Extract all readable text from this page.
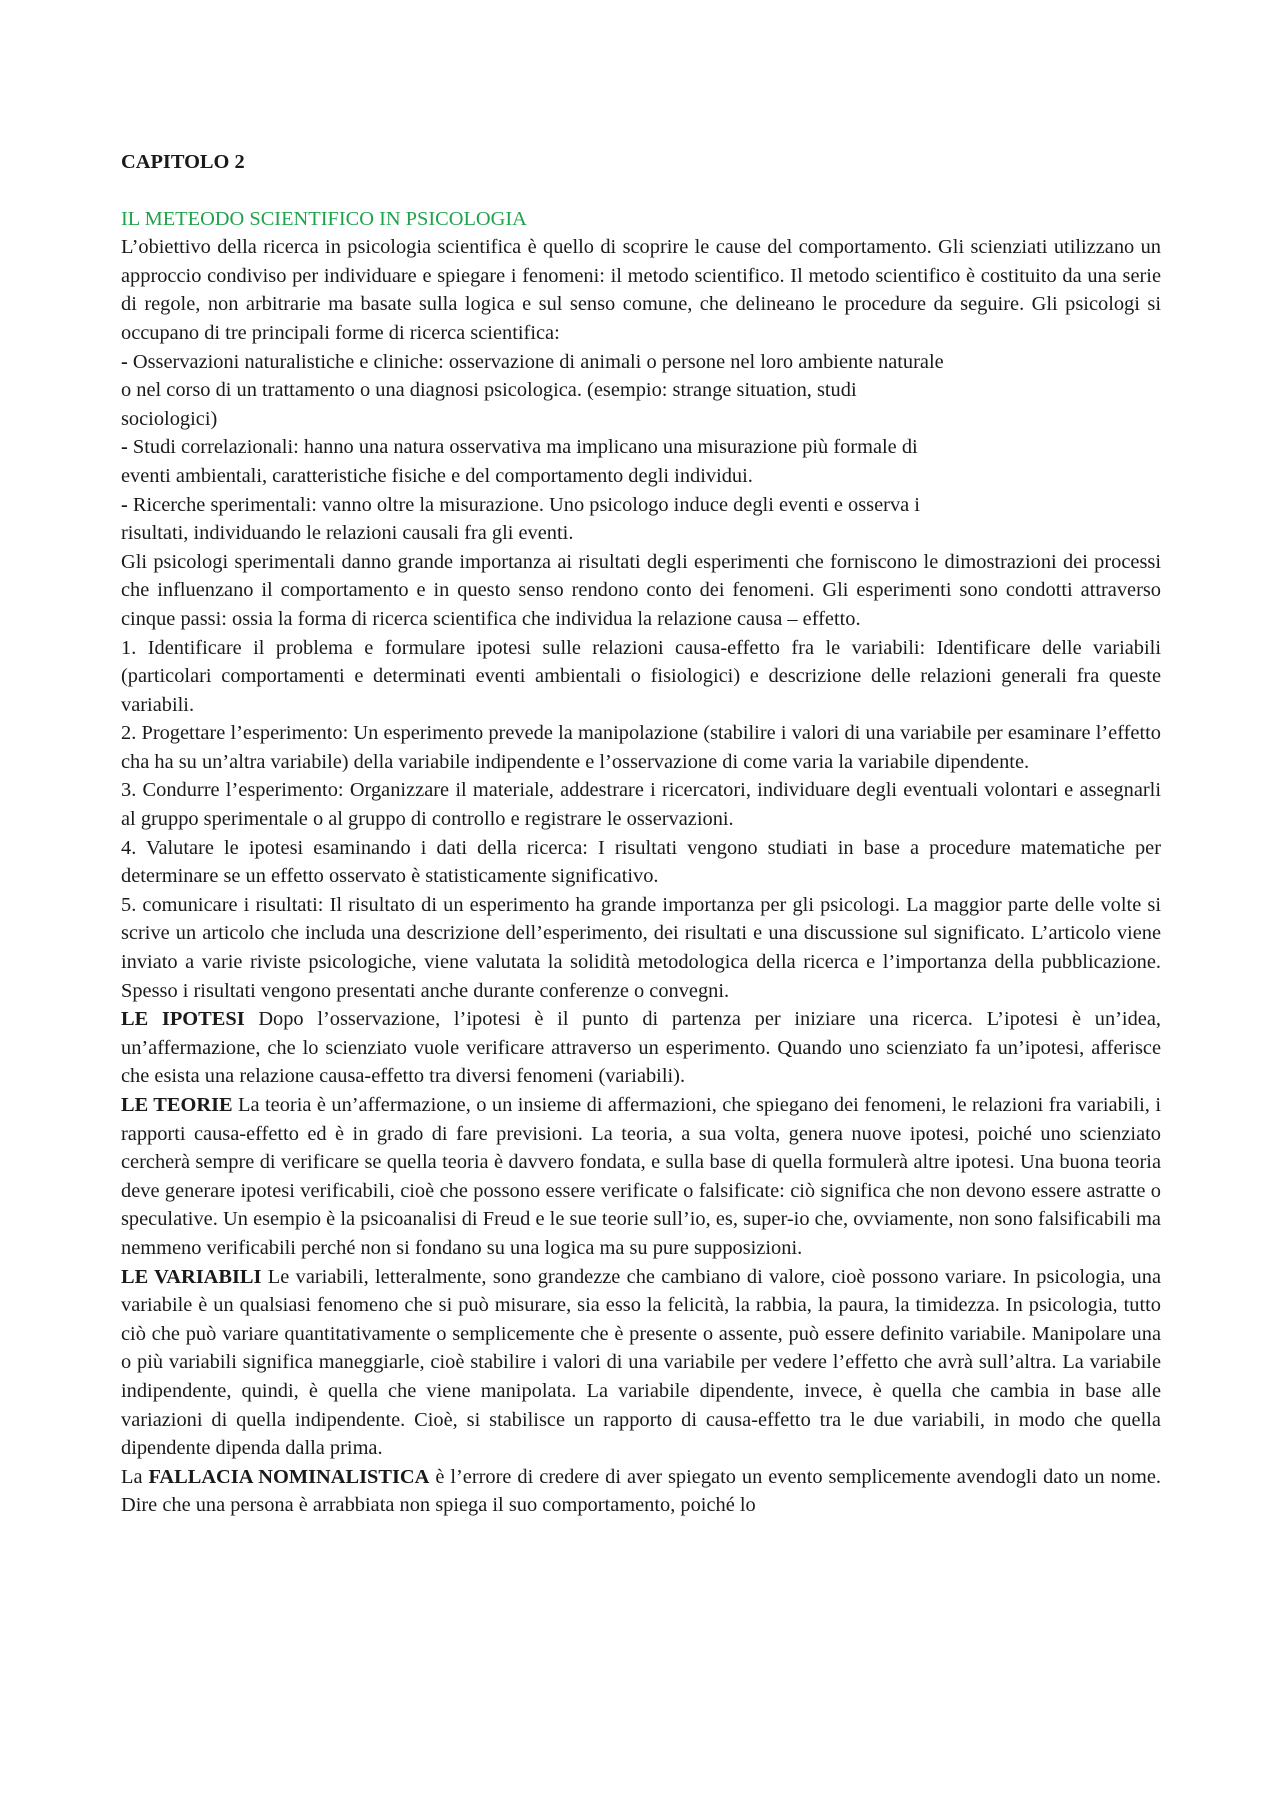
CAPITOLO 2

IL METEODO SCIENTIFICO IN PSICOLOGIA

L’obiettivo della ricerca in psicologia scientifica è quello di scoprire le cause del comportamento. Gli scienziati utilizzano un approccio condiviso per individuare e spiegare i fenomeni: il metodo scientifico. Il metodo scientifico è costituito da una serie di regole, non arbitrarie ma basate sulla logica e sul senso comune, che delineano le procedure da seguire. Gli psicologi si occupano di tre principali forme di ricerca scientifica:

- Osservazioni naturalistiche e cliniche: osservazione di animali o persone nel loro ambiente naturale
o nel corso di un trattamento o una diagnosi psicologica. (esempio: strange situation, studi
sociologici)

- Studi correlazionali: hanno una natura osservativa ma implicano una misurazione più formale di
eventi ambientali, caratteristiche fisiche e del comportamento degli individui.

- Ricerche sperimentali: vanno oltre la misurazione. Uno psicologo induce degli eventi e osserva i
risultati, individuando le relazioni causali fra gli eventi.

Gli psicologi sperimentali danno grande importanza ai risultati degli esperimenti che forniscono le dimostrazioni dei processi che influenzano il comportamento e in questo senso rendono conto dei fenomeni. Gli esperimenti sono condotti attraverso cinque passi: ossia la forma di ricerca scientifica che individua la relazione causa – effetto.

1. Identificare il problema e formulare ipotesi sulle relazioni causa-effetto fra le variabili: Identificare delle variabili (particolari comportamenti e determinati eventi ambientali o fisiologici) e descrizione delle relazioni generali fra queste variabili.

2. Progettare l’esperimento: Un esperimento prevede la manipolazione (stabilire i valori di una variabile per esaminare l’effetto cha ha su un’altra variabile) della variabile indipendente e l’osservazione di come varia la variabile dipendente.

3. Condurre l’esperimento: Organizzare il materiale, addestrare i ricercatori, individuare degli eventuali volontari e assegnarli al gruppo sperimentale o al gruppo di controllo e registrare le osservazioni.

4. Valutare le ipotesi esaminando i dati della ricerca: I risultati vengono studiati in base a procedure matematiche per determinare se un effetto osservato è statisticamente significativo.

5. comunicare i risultati: Il risultato di un esperimento ha grande importanza per gli psicologi. La maggior parte delle volte si scrive un articolo che includa una descrizione dell’esperimento, dei risultati e una discussione sul significato. L’articolo viene inviato a varie riviste psicologiche, viene valutata la solidità metodologica della ricerca e l’importanza della pubblicazione. Spesso i risultati vengono presentati anche durante conferenze o convegni.

LE IPOTESI Dopo l’osservazione, l’ipotesi è il punto di partenza per iniziare una ricerca. L’ipotesi è un’idea, un’affermazione, che lo scienziato vuole verificare attraverso un esperimento. Quando uno scienziato fa un’ipotesi, afferisce che esista una relazione causa-effetto tra diversi fenomeni (variabili).

LE TEORIE La teoria è un’affermazione, o un insieme di affermazioni, che spiegano dei fenomeni, le relazioni fra variabili, i rapporti causa-effetto ed è in grado di fare previsioni. La teoria, a sua volta, genera nuove ipotesi, poiché uno scienziato cercherà sempre di verificare se quella teoria è davvero fondata, e sulla base di quella formulerà altre ipotesi. Una buona teoria deve generare ipotesi verificabili, cioè che possono essere verificate o falsificate: ciò significa che non devono essere astratte o speculative. Un esempio è la psicoanalisi di Freud e le sue teorie sull’io, es, super-io che, ovviamente, non sono falsificabili ma nemmeno verificabili perché non si fondano su una logica ma su pure supposizioni.

LE VARIABILI Le variabili, letteralmente, sono grandezze che cambiano di valore, cioè possono variare. In psicologia, una variabile è un qualsiasi fenomeno che si può misurare, sia esso la felicità, la rabbia, la paura, la timidezza. In psicologia, tutto ciò che può variare quantitativamente o semplicemente che è presente o assente, può essere definito variabile. Manipolare una o più variabili significa maneggiarle, cioè stabilire i valori di una variabile per vedere l’effetto che avrà sull’altra. La variabile indipendente, quindi, è quella che viene manipolata. La variabile dipendente, invece, è quella che cambia in base alle variazioni di quella indipendente. Cioè, si stabilisce un rapporto di causa-effetto tra le due variabili, in modo che quella dipendente dipenda dalla prima.

La FALLACIA NOMINALISTICA è l’errore di credere di aver spiegato un evento semplicemente avendogli dato un nome. Dire che una persona è arrabbiata non spiega il suo comportamento, poiché lo
